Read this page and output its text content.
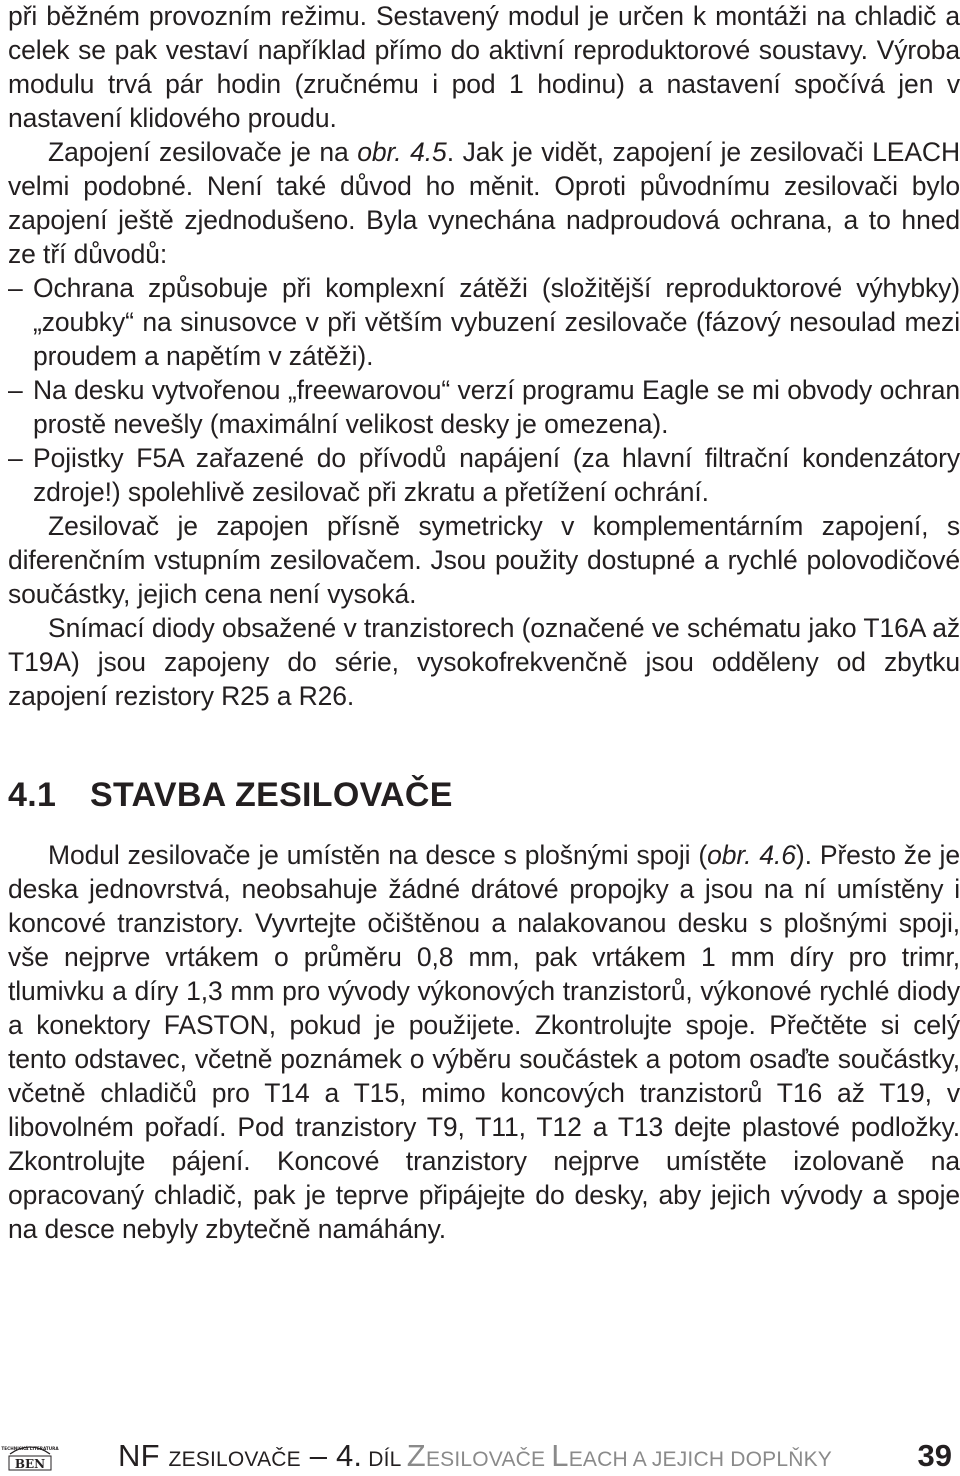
při běžném provozním režimu. Sestavený modul je určen k montáži na chladič a celek se pak vestaví například přímo do aktivní reproduktorové soustavy. Výroba modulu trvá pár hodin (zručnému i pod 1 hodinu) a nastavení spočívá jen v nastavení klidového proudu.

Zapojení zesilovače je na obr. 4.5. Jak je vidět, zapojení je zesilovači LEACH velmi podobné. Není také důvod ho měnit. Oproti původnímu zesilovači bylo zapojení ještě zjednodušeno. Byla vynechána nadproudová ochrana, a to hned ze tří důvodů:

– Ochrana způsobuje při komplexní zátěži (složitější reproduktorové výhybky) „zoubky“ na sinusovce v při větším vybuzení zesilovače (fázový nesoulad mezi proudem a napětím v zátěži).

– Na desku vytvořenou „freewarovou“ verzí programu Eagle se mi obvody ochran prostě nevešly (maximální velikost desky je omezena).

– Pojistky F5A zařazené do přívodů napájení (za hlavní filtrační kondenzátory zdroje!) spolehlivě zesilovač při zkratu a přetížení ochrání.

Zesilovač je zapojen přísně symetricky v komplementárním zapojení, s diferenčním vstupním zesilovačem. Jsou použity dostupné a rychlé polovodičové součástky, jejich cena není vysoká.

Snímací diody obsažené v tranzistorech (označené ve schématu jako T16A až T19A) jsou zapojeny do série, vysokofrekvenčně jsou odděleny od zbytku zapojení rezistory R25 a R26.

4.1 STAVBA ZESILOVAČE

Modul zesilovače je umístěn na desce s plošnými spoji (obr. 4.6). Přesto že je deska jednovrstvá, neobsahuje žádné drátové propojky a jsou na ní umístěny i koncové tranzistory. Vyvrtejte očištěnou a nalakovanou desku s plošnými spoji, vše nejprve vrtákem o průměru 0,8 mm, pak vrtákem 1 mm díry pro trimr, tlumivku a díry 1,3 mm pro vývody výkonových tranzistorů, výkonové rychlé diody a konektory FASTON, pokud je použijete. Zkontrolujte spoje. Přečtěte si celý tento odstavec, včetně poznámek o výběru součástek a potom osaďte součástky, včetně chladičů pro T14 a T15, mimo koncových tranzistorů T16 až T19, v libovolném pořadí. Pod tranzistory T9, T11, T12 a T13 dejte plastové podložky. Zkontrolujte pájení. Koncové tranzistory nejprve umístěte izolovaně na opracovaný chladič, pak je teprve připájejte do desky, aby jejich vývody a spoje na desce nebyly zbytečně namáhány.

TECHNICKÁ LITERATURA
BEN NF ZESILOVAČE – 4. DÍL ZESILOVAČE LEACH A JEJICH DOPLŇKY	39
